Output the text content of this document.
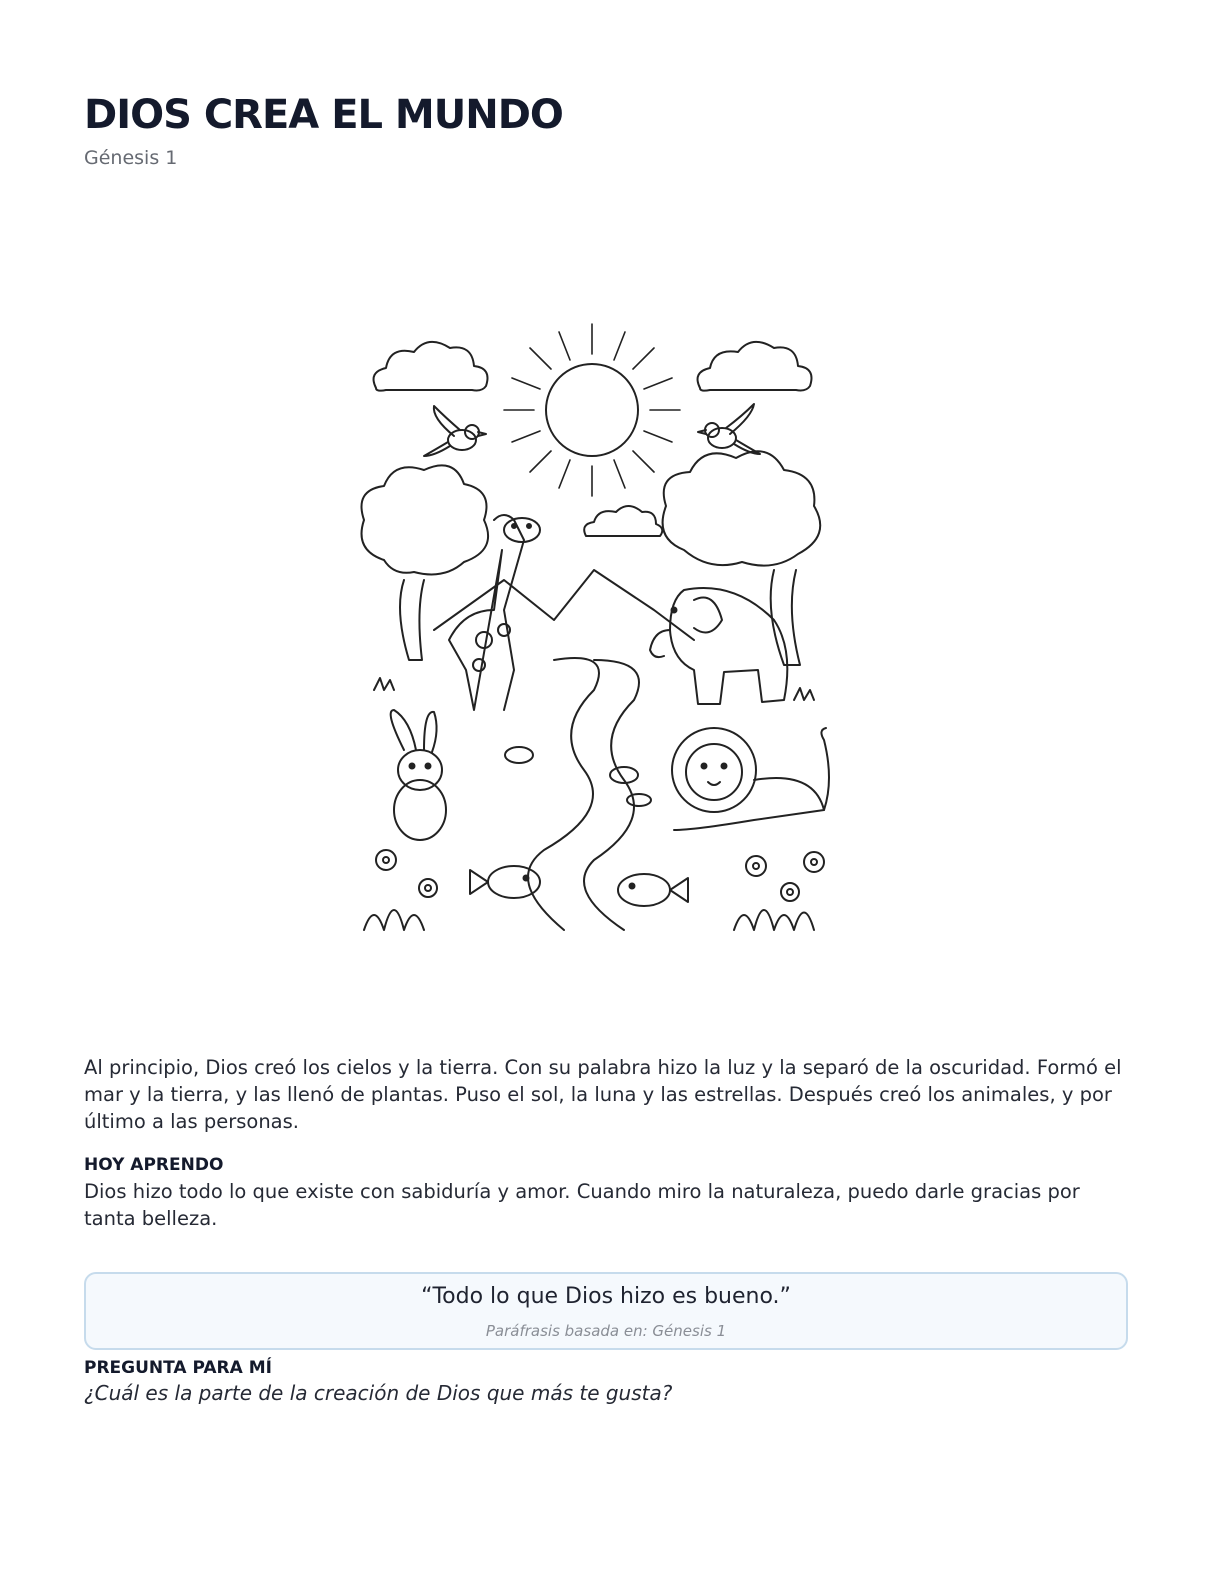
DIOS CREA EL MUNDO
Génesis 1
Al principio, Dios creó los cielos y la tierra. Con su palabra hizo la luz y la separó de la oscuridad. Formó el mar y la tierra, y las llenó de plantas. Puso el sol, la luna y las estrellas. Después creó los animales, y por último a las personas.
HOY APRENDO
Dios hizo todo lo que existe con sabiduría y amor. Cuando miro la naturaleza, puedo darle gracias por tanta belleza.
“Todo lo que Dios hizo es bueno.”
Paráfrasis basada en: Génesis 1
PREGUNTA PARA MÍ
¿Cuál es la parte de la creación de Dios que más te gusta?
